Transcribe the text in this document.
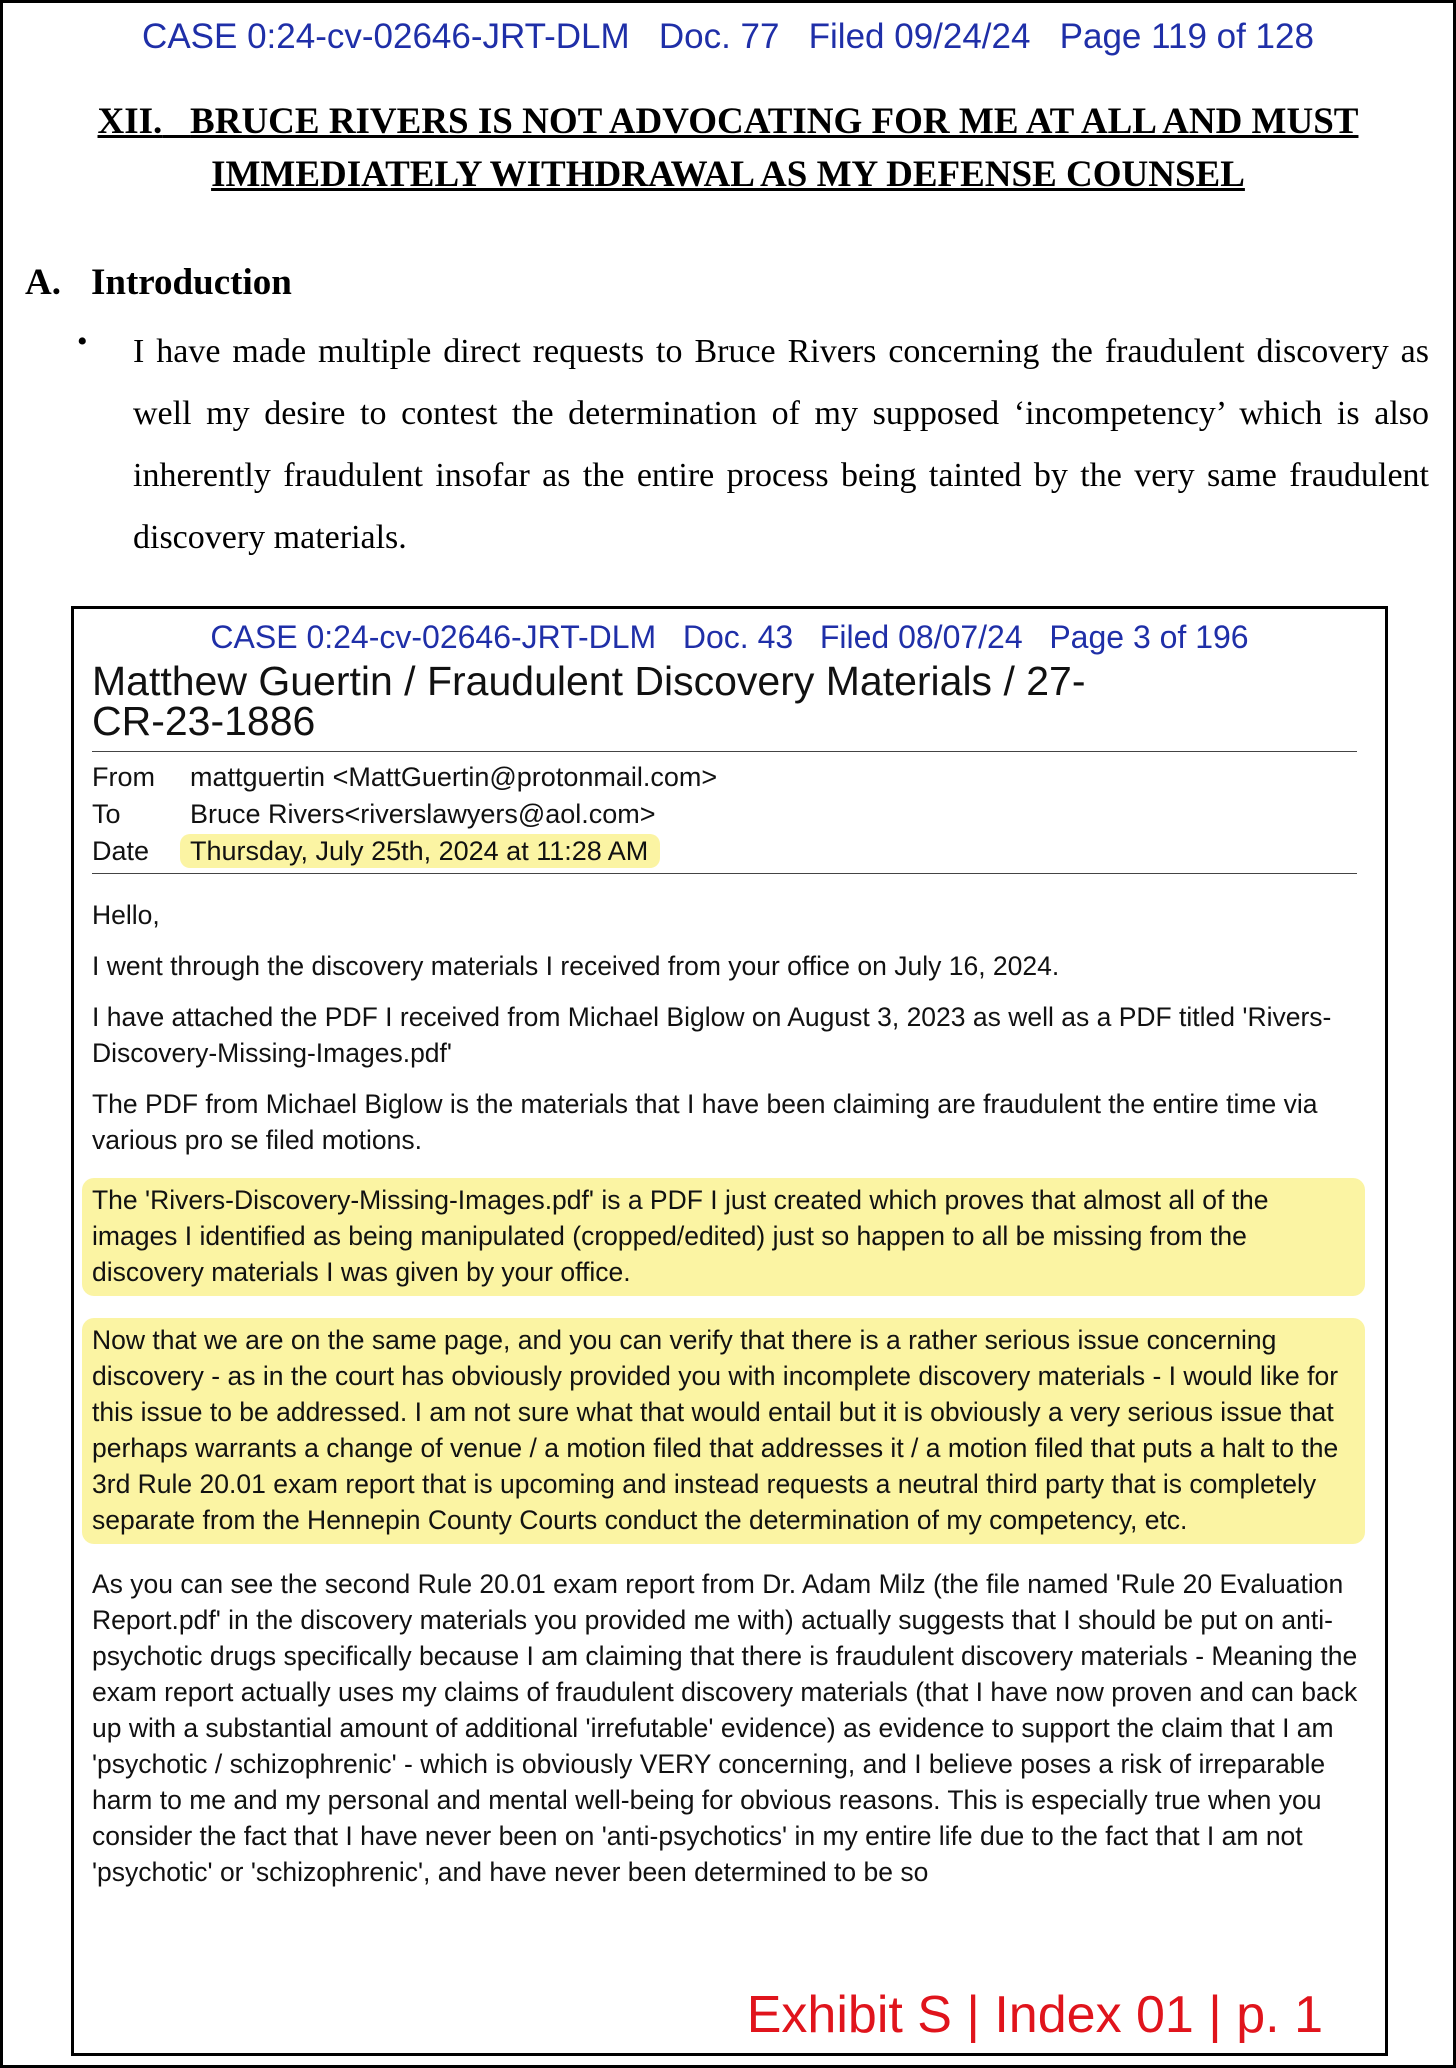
CASE 0:24-cv-02646-JRT-DLM Doc. 77 Filed 09/24/24 Page 119 of 128
XII. BRUCE RIVERS IS NOT ADVOCATING FOR ME AT ALL AND MUST
IMMEDIATELY WITHDRAWAL AS MY DEFENSE COUNSEL
A. Introduction
• I have made multiple direct requests to Bruce Rivers concerning the fraudulent discovery as well my desire to contest the determination of my supposed ‘incompetency’ which is also inherently fraudulent insofar as the entire process being tainted by the very same fraudulent discovery materials.
CASE 0:24-cv-02646-JRT-DLM Doc. 43 Filed 08/07/24 Page 3 of 196
Matthew Guertin / Fraudulent Discovery Materials / 27-
CR-23-1886
From mattguertin <MattGuertin@protonmail.com>
To	Bruce Rivers<riverslawyers@aol.com>
Date Thursday, July 25th, 2024 at 11:28 AM

Hello,

I went through the discovery materials I received from your office on July 16, 2024.

I have attached the PDF I received from Michael Biglow on August 3, 2023 as well as a PDF titled 'Rivers-Discovery-Missing-Images.pdf'

The PDF from Michael Biglow is the materials that I have been claiming are fraudulent the entire time via various pro se filed motions.

The 'Rivers-Discovery-Missing-Images.pdf' is a PDF I just created which proves that almost all of the images I identified as being manipulated (cropped/edited) just so happen to all be missing from the discovery materials I was given by your office.

Now that we are on the same page, and you can verify that there is a rather serious issue concerning discovery - as in the court has obviously provided you with incomplete discovery materials - I would like for this issue to be addressed. I am not sure what that would entail but it is obviously a very serious issue that perhaps warrants a change of venue / a motion filed that addresses it / a motion filed that puts a halt to the 3rd Rule 20.01 exam report that is upcoming and instead requests a neutral third party that is completely separate from the Hennepin County Courts conduct the determination of my competency, etc.

As you can see the second Rule 20.01 exam report from Dr. Adam Milz (the file named 'Rule 20 Evaluation Report.pdf' in the discovery materials you provided me with) actually suggests that I should be put on anti-psychotic drugs specifically because I am claiming that there is fraudulent discovery materials - Meaning the exam report actually uses my claims of fraudulent discovery materials (that I have now proven and can back up with a substantial amount of additional 'irrefutable' evidence) as evidence to support the claim that I am 'psychotic / schizophrenic' - which is obviously VERY concerning, and I believe poses a risk of irreparable harm to me and my personal and mental well-being for obvious reasons. This is especially true when you consider the fact that I have never been on 'anti-psychotics' in my entire life due to the fact that I am not 'psychotic' or 'schizophrenic', and have never been determined to be so

Exhibit S | Index 01 | p. 1
